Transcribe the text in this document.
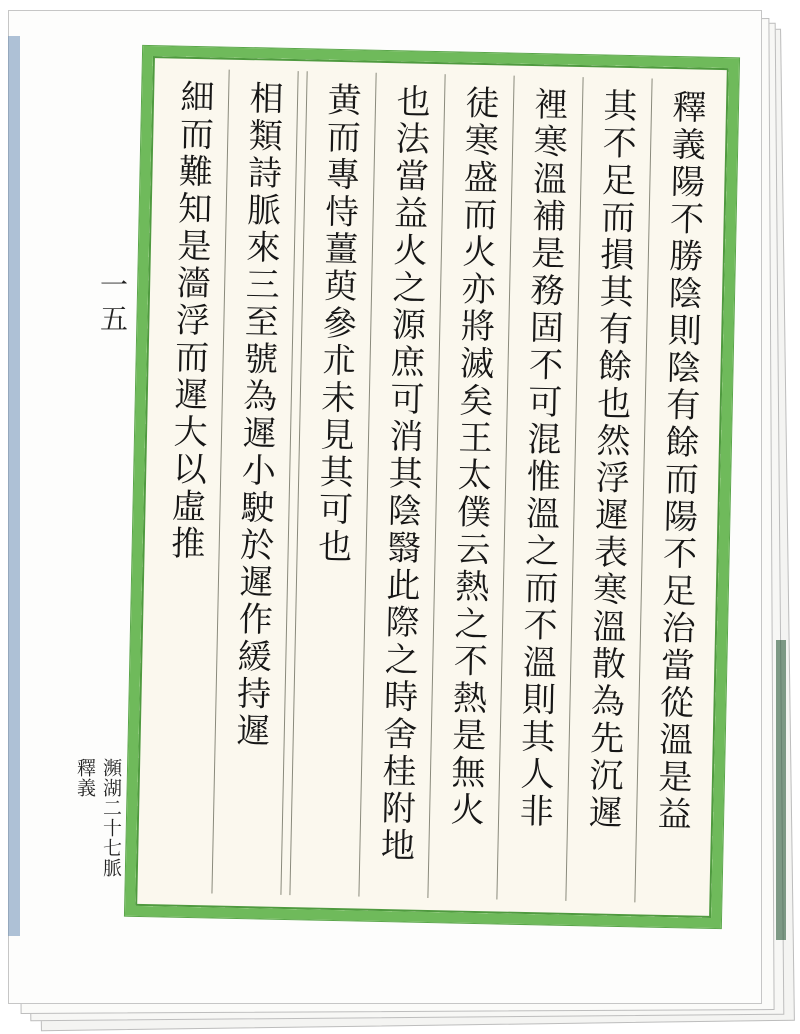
一五
瀕湖二十七脈 釋義	釋義陽不勝陰則陰有餘而陽不足治當從溫是益
其不足而損其有餘也然浮遲表寒溫散為先沉遲
裡寒溫補是務固不可混惟溫之而不溫則其人非
徒寒盛而火亦將滅矣王太僕云熱之不熱是無火
也法當益火之源庶可消其陰翳此際之時舍桂附地
黄而專恃薑萸參朮未見其可也
相類詩脈來三至號為遲小駛於遲作緩持遲
細而難知是濇浮而遲大以虛推
